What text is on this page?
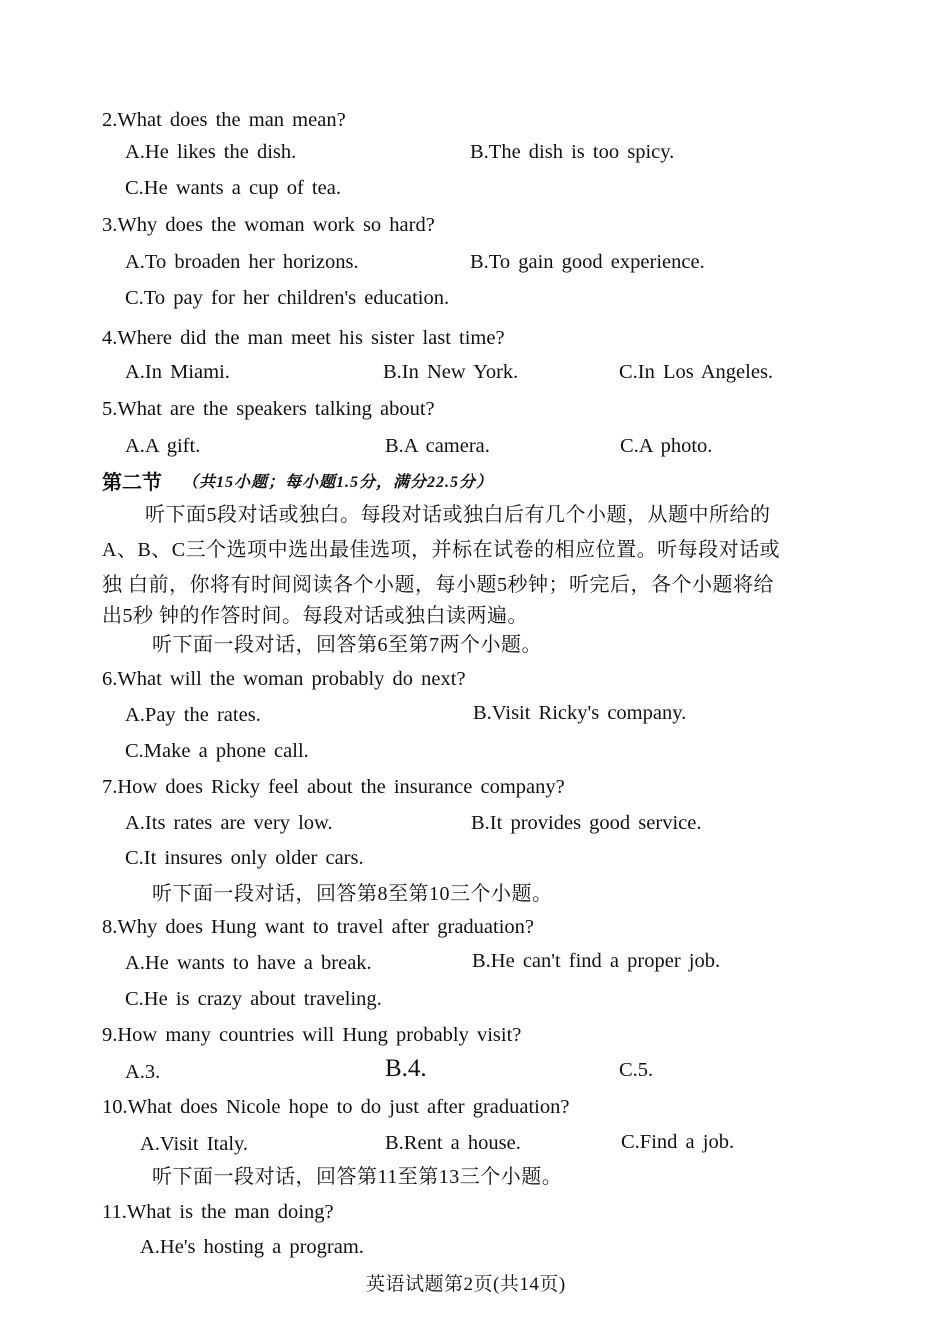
2.What does the man mean?
A.He likes the dish.	B.The dish is too spicy.
C.He wants a cup of tea.
3.Why does the woman work so hard?
A.To broaden her horizons.	B.To gain good experience.
C.To pay for her children's education.
4.Where did the man meet his sister last time?
A.In Miami.	B.In New York.	C.In Los Angeles.
5.What are the speakers talking about?
A.A gift.	B.A camera.	C.A photo.
第二节 （共15小题；每小题1.5分，满分22.5分）
听下面5段对话或独白。每段对话或独白后有几个小题，从题中所给的
A、B、C三个选项中选出最佳选项，并标在试卷的相应位置。听每段对话或
独 白前，你将有时间阅读各个小题，每小题5秒钟；听完后，各个小题将给
出5秒 钟的作答时间。每段对话或独白读两遍。
听下面一段对话，回答第6至第7两个小题。
6.What will the woman probably do next?
A.Pay the rates.	B.Visit Ricky's company.
C.Make a phone call.
7.How does Ricky feel about the insurance company?
A.Its rates are very low.	B.It provides good service.
C.It insures only older cars.
听下面一段对话，回答第8至第10三个小题。
8.Why does Hung want to travel after graduation?
A.He wants to have a break.	B.He can't find a proper job.
C.He is crazy about traveling.
9.How many countries will Hung probably visit?
A.3.	B.4.	C.5.
10.What does Nicole hope to do just after graduation?
A.Visit Italy.	B.Rent a house.	C.Find a job.
听下面一段对话，回答第11至第13三个小题。
11.What is the man doing?
A.He's hosting a program.
英语试题第2页(共14页)
